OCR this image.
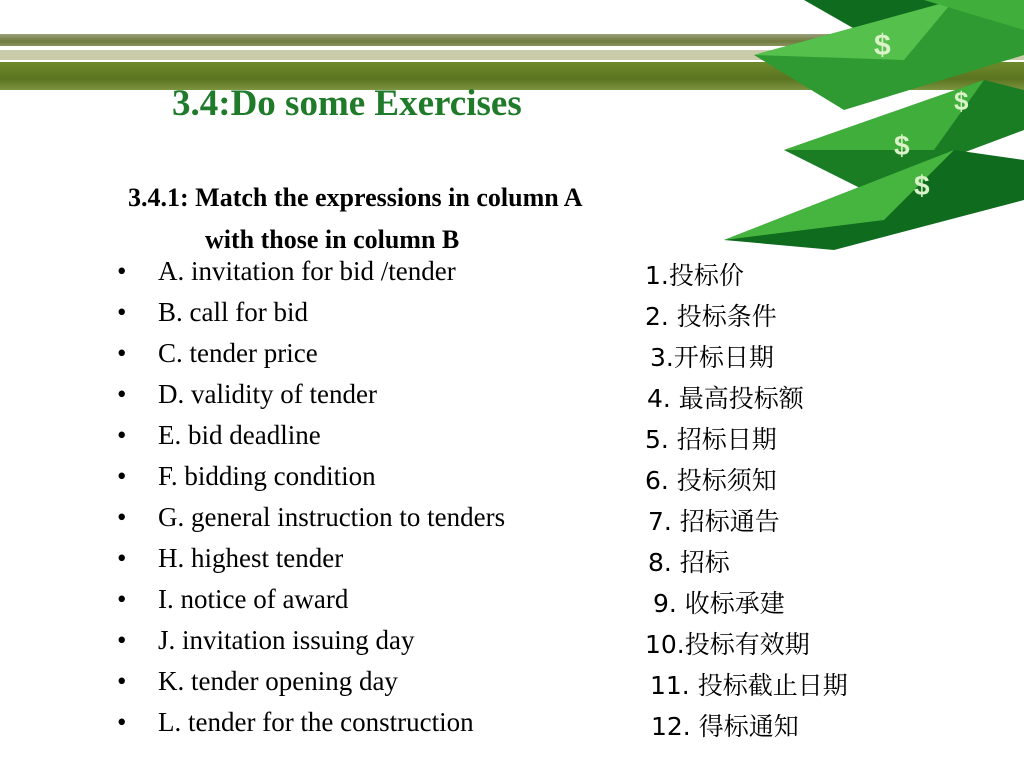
$
$
$
$
3.4:Do some Exercises

3.4.1: Match the expressions in column A
with those in column B

• A. invitation for bid /tender	1.投标价
• B. call for bid	2. 投标条件
• C. tender price	3.开标日期
• D. validity of tender	4. 最高投标额
• E. bid deadline	5. 招标日期
• F. bidding condition	6. 投标须知
• G. general instruction to tenders	7. 招标通告
• H. highest tender	8. 招标
• I. notice of award	9. 收标承建
• J. invitation issuing day	10.投标有效期
• K. tender opening day	11. 投标截止日期
• L. tender for the construction	12. 得标通知
